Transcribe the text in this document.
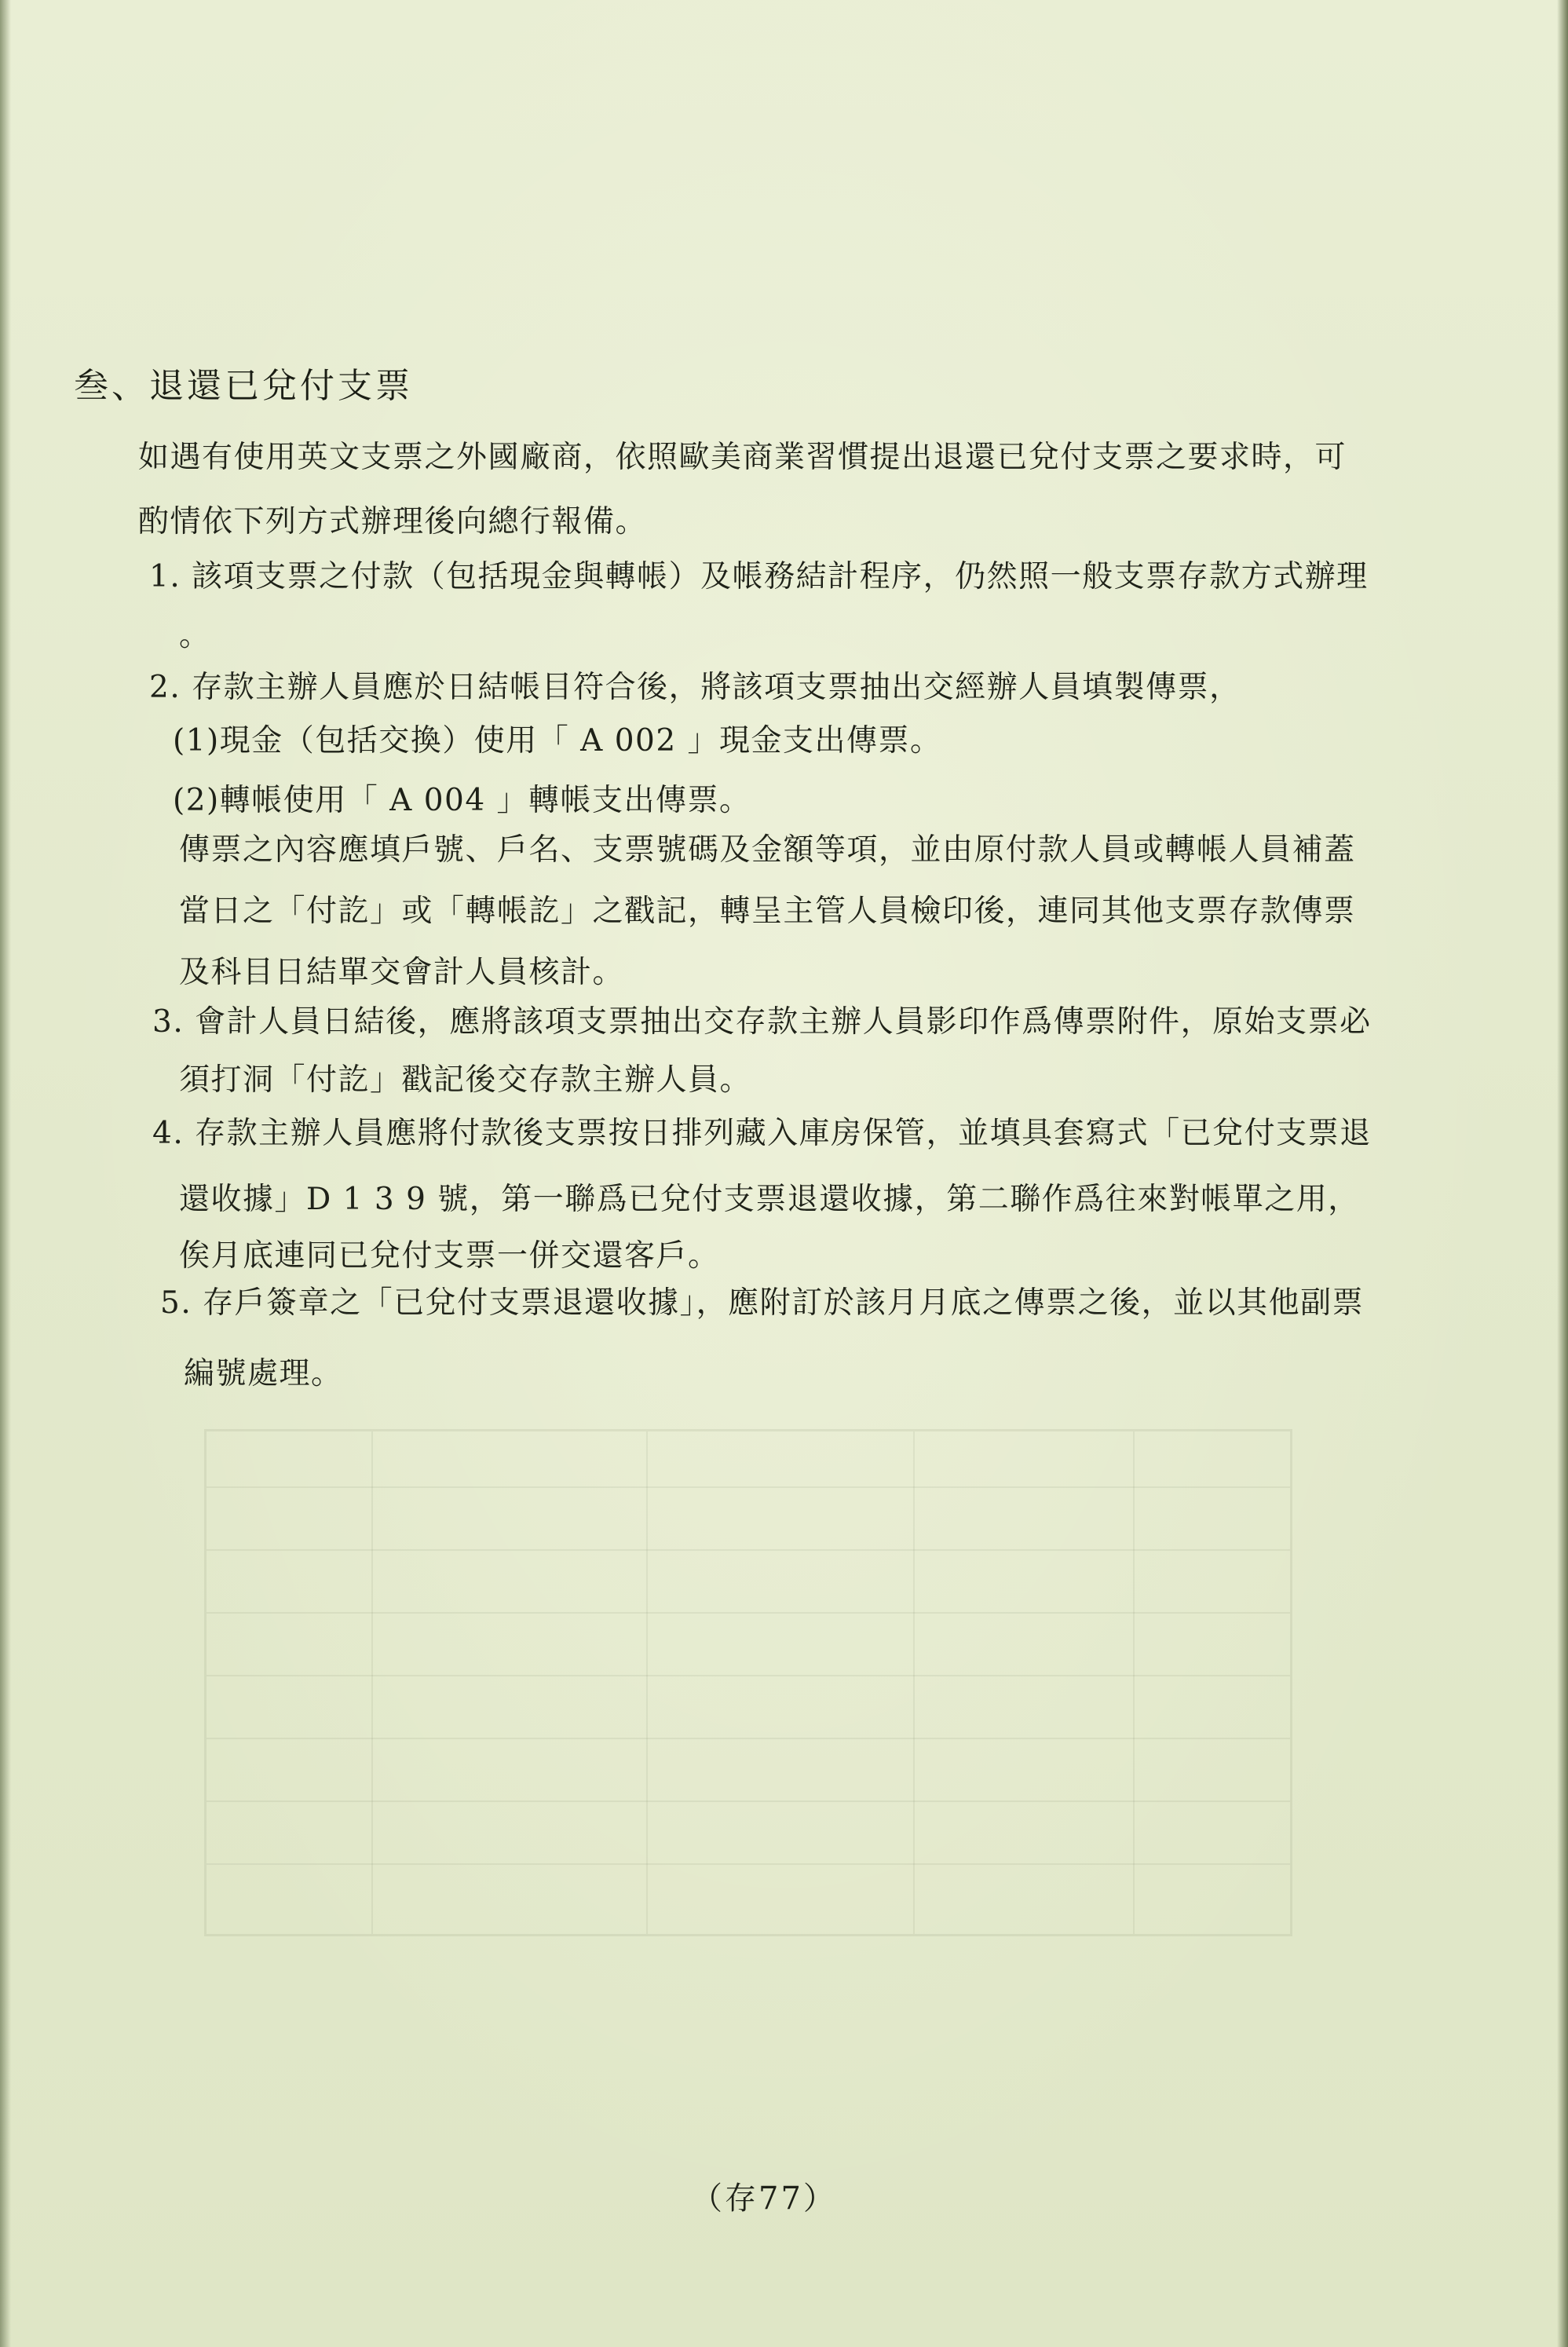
叁、退還已兌付支票
如遇有使用英文支票之外國廠商，依照歐美商業習慣提出退還已兌付支票之要求時，可
酌情依下列方式辦理後向總行報備。
1. 該項支票之付款（包括現金與轉帳）及帳務結計程序，仍然照一般支票存款方式辦理
。
2. 存款主辦人員應於日結帳目符合後，將該項支票抽出交經辦人員填製傳票，
(1)現金（包括交換）使用「 A 002 」現金支出傳票。
(2)轉帳使用「 A 004 」轉帳支出傳票。
傳票之內容應填戶號、戶名、支票號碼及金額等項，並由原付款人員或轉帳人員補蓋
當日之「付訖」或「轉帳訖」之戳記，轉呈主管人員檢印後，連同其他支票存款傳票
及科目日結單交會計人員核計。
3. 會計人員日結後，應將該項支票抽出交存款主辦人員影印作爲傳票附件，原始支票必
須打洞「付訖」戳記後交存款主辦人員。
4. 存款主辦人員應將付款後支票按日排列藏入庫房保管，並填具套寫式「已兌付支票退
還收據」D 1 3 9 號，第一聯爲已兌付支票退還收據，第二聯作爲往來對帳單之用，
俟月底連同已兌付支票一併交還客戶。
5. 存戶簽章之「已兌付支票退還收據」，應附訂於該月月底之傳票之後，並以其他副票
編號處理。
（存77）
